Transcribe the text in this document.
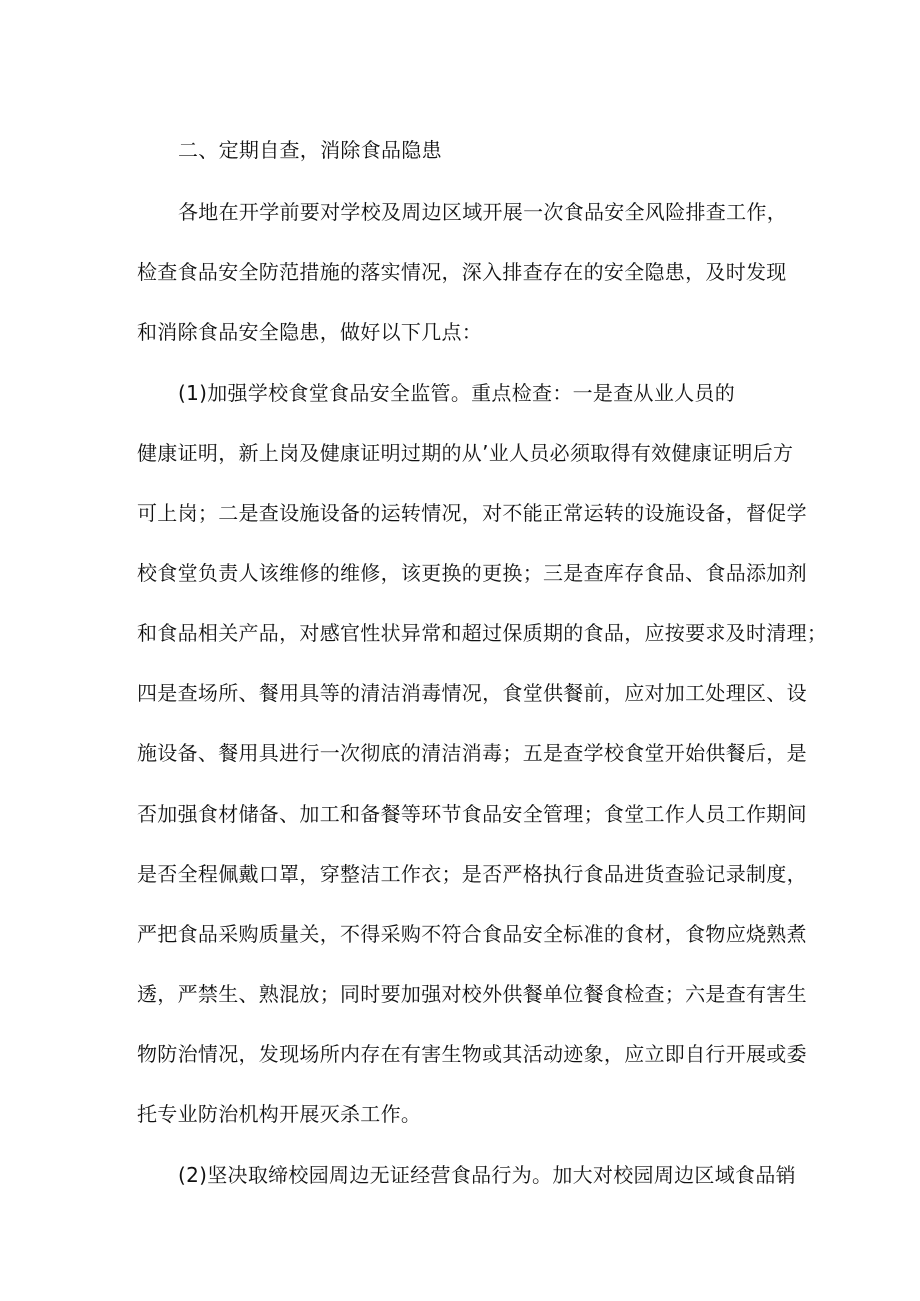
二、定期自查，消除食品隐患
各地在开学前要对学校及周边区域开展一次食品安全风险排查工作，
检查食品安全防范措施的落实情况，深入排查存在的安全隐患，及时发现
和消除食品安全隐患，做好以下几点：
(1)加强学校食堂食品安全监管。重点检查：一是查从业人员的
健康证明，新上岗及健康证明过期的从’业人员必须取得有效健康证明后方
可上岗；二是查设施设备的运转情况，对不能正常运转的设施设备，督促学
校食堂负责人该维修的维修，该更换的更换；三是查库存食品、食品添加剂
和食品相关产品，对感官性状异常和超过保质期的食品，应按要求及时清理；
四是查场所、餐用具等的清洁消毒情况，食堂供餐前，应对加工处理区、设
施设备、餐用具进行一次彻底的清洁消毒；五是查学校食堂开始供餐后，是
否加强食材储备、加工和备餐等环节食品安全管理；食堂工作人员工作期间
是否全程佩戴口罩，穿整洁工作衣；是否严格执行食品进货查验记录制度，
严把食品采购质量关，不得采购不符合食品安全标准的食材，食物应烧熟煮
透，严禁生、熟混放；同时要加强对校外供餐单位餐食检查；六是查有害生
物防治情况，发现场所内存在有害生物或其活动迹象，应立即自行开展或委
托专业防治机构开展灭杀工作。
(2)坚决取缔校园周边无证经营食品行为。加大对校园周边区域食品销
